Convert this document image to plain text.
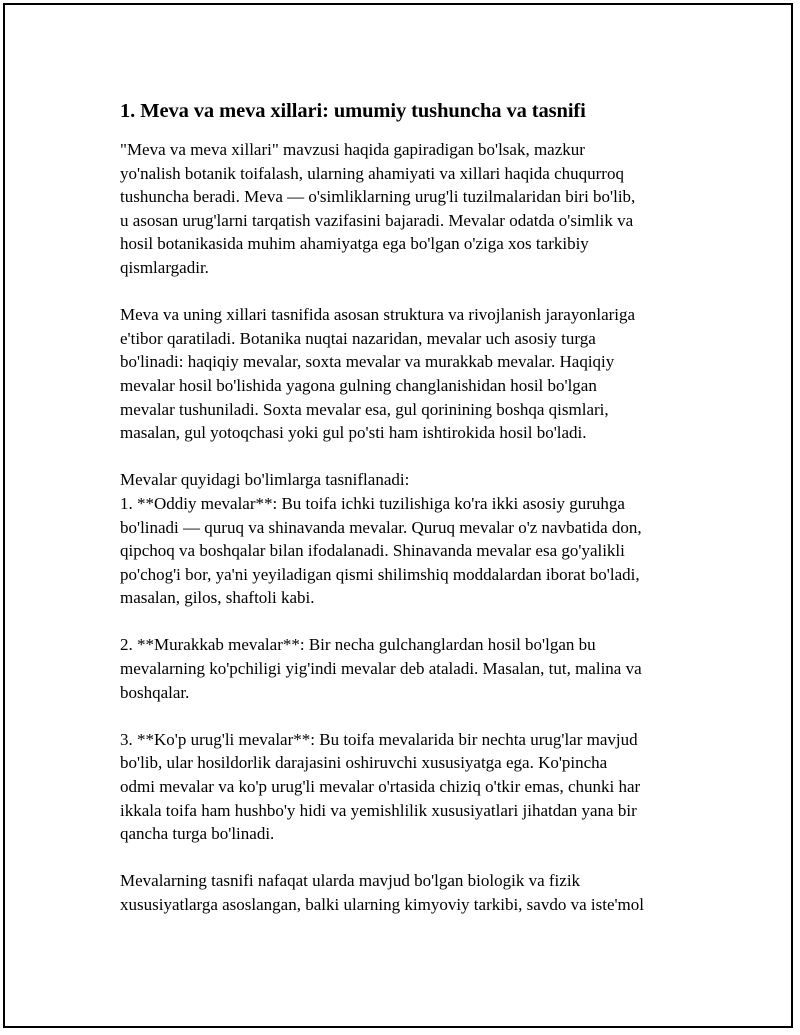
1. Meva va meva xillari: umumiy tushuncha va tasnifi

"Meva va meva xillari" mavzusi haqida gapiradigan bo'lsak, mazkur
yo'nalish botanik toifalash, ularning ahamiyati va xillari haqida chuqurroq
tushuncha beradi. Meva — o'simliklarning urug'li tuzilmalaridan biri bo'lib,
u asosan urug'larni tarqatish vazifasini bajaradi. Mevalar odatda o'simlik va
hosil botanikasida muhim ahamiyatga ega bo'lgan o'ziga xos tarkibiy
qismlargadir.

Meva va uning xillari tasnifida asosan struktura va rivojlanish jarayonlariga
e'tibor qaratiladi. Botanika nuqtai nazaridan, mevalar uch asosiy turga
bo'linadi: haqiqiy mevalar, soxta mevalar va murakkab mevalar. Haqiqiy
mevalar hosil bo'lishida yagona gulning changlanishidan hosil bo'lgan
mevalar tushuniladi. Soxta mevalar esa, gul qorinining boshqa qismlari,
masalan, gul yotoqchasi yoki gul po'sti ham ishtirokida hosil bo'ladi.

Mevalar quyidagi bo'limlarga tasniflanadi:
1. **Oddiy mevalar**: Bu toifa ichki tuzilishiga ko'ra ikki asosiy guruhga
bo'linadi — quruq va shinavanda mevalar. Quruq mevalar o'z navbatida don,
qipchoq va boshqalar bilan ifodalanadi. Shinavanda mevalar esa go'yalikli
po'chog'i bor, ya'ni yeyiladigan qismi shilimshiq moddalardan iborat bo'ladi,
masalan, gilos, shaftoli kabi.

2. **Murakkab mevalar**: Bir necha gulchanglardan hosil bo'lgan bu
mevalarning ko'pchiligi yig'indi mevalar deb ataladi. Masalan, tut, malina va
boshqalar.

3. **Ko'p urug'li mevalar**: Bu toifa mevalarida bir nechta urug'lar mavjud
bo'lib, ular hosildorlik darajasini oshiruvchi xususiyatga ega. Ko'pincha
odmi mevalar va ko'p urug'li mevalar o'rtasida chiziq o'tkir emas, chunki har
ikkala toifa ham hushbo'y hidi va yemishlilik xususiyatlari jihatdan yana bir
qancha turga bo'linadi.

Mevalarning tasnifi nafaqat ularda mavjud bo'lgan biologik va fizik
xususiyatlarga asoslangan, balki ularning kimyoviy tarkibi, savdo va iste'mol
